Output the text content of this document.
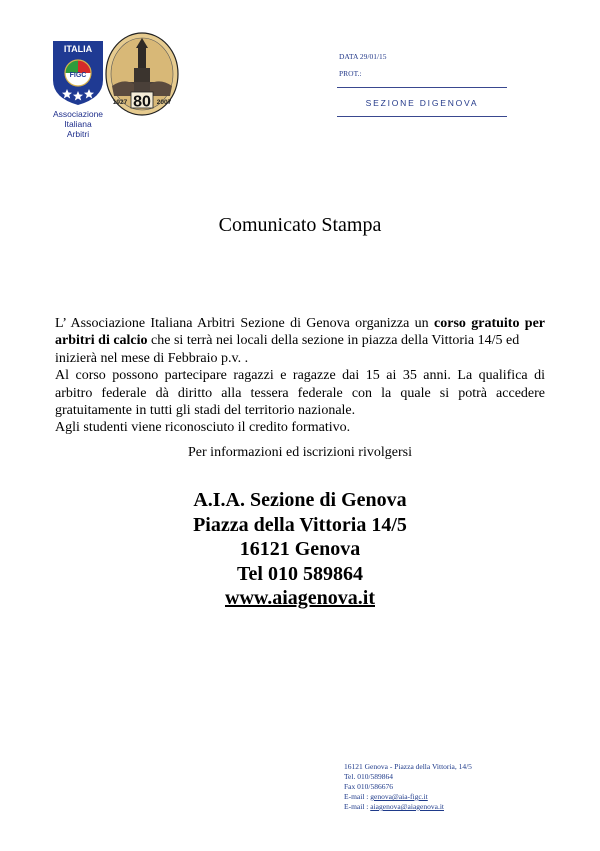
ITALIA
FIGC
Associazione
Italiana
Arbitri
80
1927	2007
DATA 29/01/15
PROT.:
SEZIONE DIGENOVA
Comunicato Stampa

L’ Associazione Italiana Arbitri Sezione di Genova organizza un corso gratuito per arbitri di calcio che si terrà nei locali della sezione in piazza della Vittoria 14/5 ed

inizierà nel mese di Febbraio p.v. .

Al corso possono partecipare ragazzi e ragazze dai 15 ai 35 anni. La qualifica di

arbitro federale dà diritto alla tessera federale con la quale si potrà accedere

gratuitamente in tutti gli stadi del territorio nazionale.

Agli studenti viene riconosciuto il credito formativo.

Per informazioni ed iscrizioni rivolgersi
A.I.A. Sezione di Genova
Piazza della Vittoria 14/5
16121 Genova
Tel 010 589864
www.aiagenova.it
16121 Genova - Piazza della Vittoria, 14/5
Tel. 010/589864
Fax 010/586676
E-mail : genova@aia-figc.it
E-mail : aiagenova@aiagenova.it
